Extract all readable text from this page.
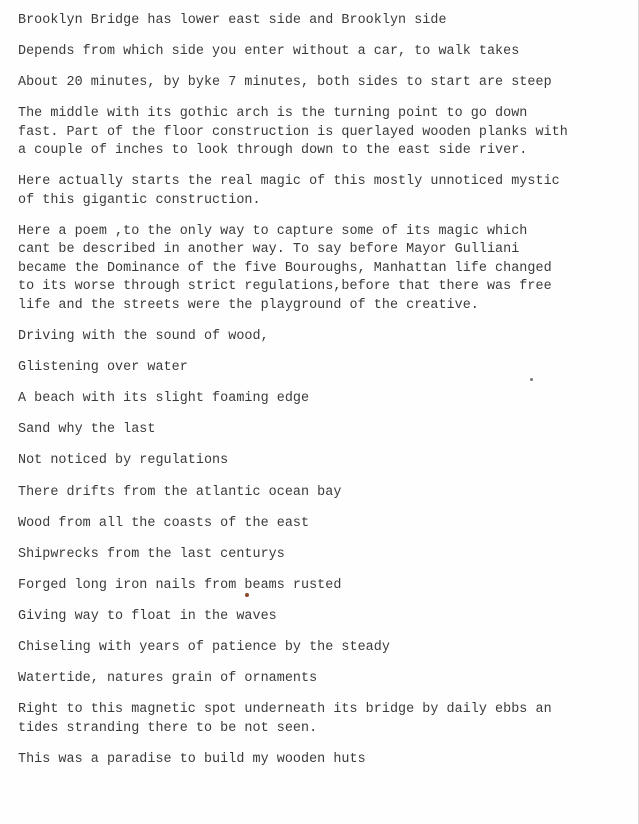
Brooklyn Bridge has lower east side and Brooklyn side

Depends from which side you enter without a car, to walk takes

About 20 minutes, by byke 7 minutes, both sides to start are steep

The middle with its gothic arch is the turning point to go down
fast. Part of the floor construction is querlayed wooden planks with
a couple of inches to look through down to the east side river.

Here actually starts the real magic of this mostly unnoticed mystic
of this gigantic construction.

Here a poem ,to the only way to capture some of its magic which
cant be described in another way. To say before Mayor Gulliani
became the Dominance of the five Bouroughs, Manhattan life changed
to its worse through strict regulations,before that there was free
life and the streets were the playground of the creative.

Driving with the sound of wood,

Glistening over water

A beach with its slight foaming edge

Sand why the last

Not noticed by regulations

There drifts from the atlantic ocean bay

Wood from all the coasts of the east

Shipwrecks from the last centurys

Forged long iron nails from beams rusted

Giving way to float in the waves

Chiseling with years of patience by the steady

Watertide, natures grain of ornaments

Right to this magnetic spot underneath its bridge by daily ebbs an
tides stranding there to be not seen.

This was a paradise to build my wooden huts
